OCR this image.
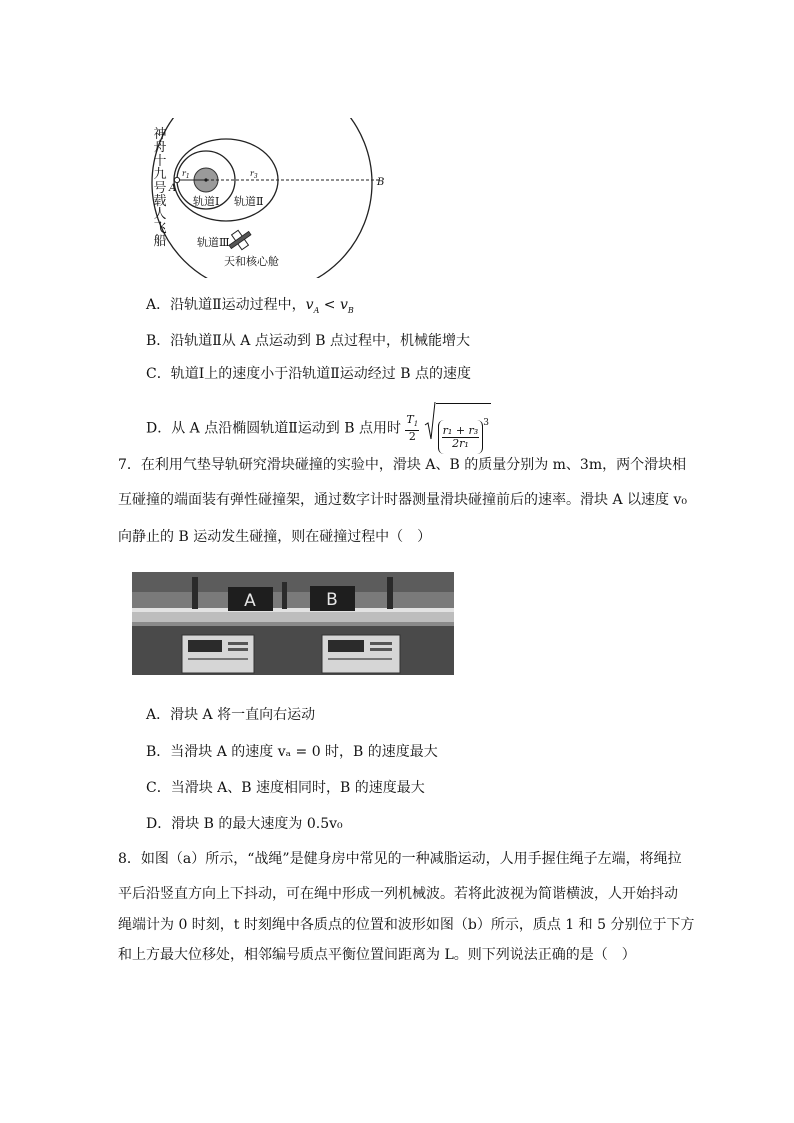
A
B
$r_1$	$r_3$
轨道Ⅰ 轨道Ⅱ
轨道Ⅲ
天和核心舱
神
舟
十
九
号
载
人
飞
船
A．沿轨道Ⅱ运动过程中，$v_A < v_B$
B．沿轨道Ⅱ从 A 点运动到 B 点过程中，机械能增大
C．轨道Ⅰ上的速度小于沿轨道Ⅱ运动经过 B 点的速度
D．从 A 点沿椭圆轨道Ⅱ运动到 B 点用时 $\frac{T_1}{2}$
$\frac{\text{r₁ + r₃}}{\text{2r₁}}$
$^3$
7．在利用气垫导轨研究滑块碰撞的实验中，滑块 A、B 的质量分别为 m、3m，两个滑块相
互碰撞的端面装有弹性碰撞架，通过数字计时器测量滑块碰撞前后的速率。滑块 A 以速度 v₀
向静止的 B 运动发生碰撞，则在碰撞过程中（　）
A	B
A．滑块 A 将一直向右运动
B．当滑块 A 的速度 vₐ = 0 时，B 的速度最大
C．当滑块 A、B 速度相同时，B 的速度最大
D．滑块 B 的最大速度为 0.5v₀
8．如图（a）所示，“战绳”是健身房中常见的一种减脂运动，人用手握住绳子左端，将绳拉
平后沿竖直方向上下抖动，可在绳中形成一列机械波。若将此波视为简谐横波，人开始抖动
绳端计为 0 时刻，t 时刻绳中各质点的位置和波形如图（b）所示，质点 1 和 5 分别位于下方
和上方最大位移处，相邻编号质点平衡位置间距离为 L。则下列说法正确的是（　）
